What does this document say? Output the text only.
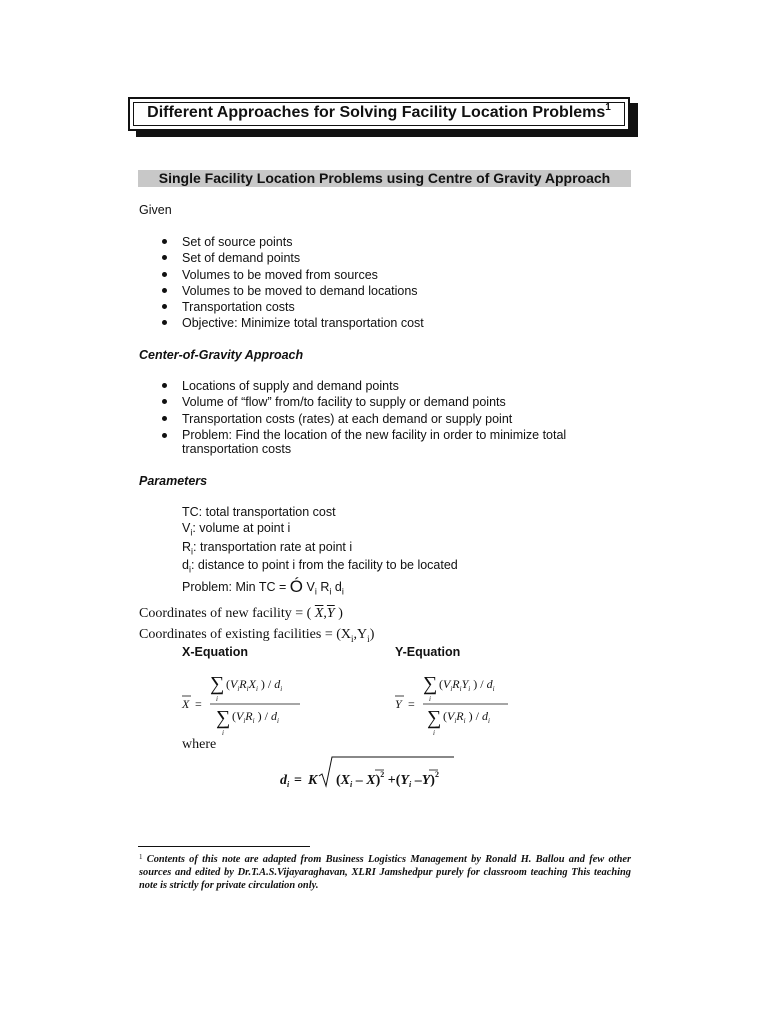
Different Approaches for Solving Facility Location Problems$^1$
Single Facility Location Problems using Centre of Gravity Approach
Given
Set of source points
Set of demand points
Volumes to be moved from sources
Volumes to be moved to demand locations
Transportation costs
Objective: Minimize total transportation cost
Center-of-Gravity Approach
Locations of supply and demand points
Volume of “flow” from/to facility to supply or demand points
Transportation costs (rates) at each demand or supply point
Problem: Find the location of the new facility in order to minimize total
transportation costs
Parameters
TC: total transportation cost
$V_i$: volume at point i
$R_i$: transportation rate at point i
$d_i$: distance to point i from the facility to be located
Problem: Min TC = Ó $V_i$ $R_i$ $d_i$
Coordinates of new facility = ( $\overline{X},\overline{Y}$ )
Coordinates of existing facilities = $(X_i,Y_i)$
X-Equation	Y-Equation
X =
∑
i
($V_iR_iX_i$ ) / $d_i$
∑
i
($V_iR_i$ ) / $d_i$
Y =
∑
i
($V_iR_iY_i$ ) / $d_i$
∑
i
($V_iR_i$ ) / $d_i$
where
$d_i = K$ $(X_i - X)^2 +(Y_i$ –Y)$^2$
$^1$ Contents of this note are adapted from Business Logistics Management by Ronald H. Ballou and few other sources and edited by Dr.T.A.S.Vijayaraghavan, XLRI Jamshedpur purely for classroom teaching This teaching note is strictly for private circulation only.
